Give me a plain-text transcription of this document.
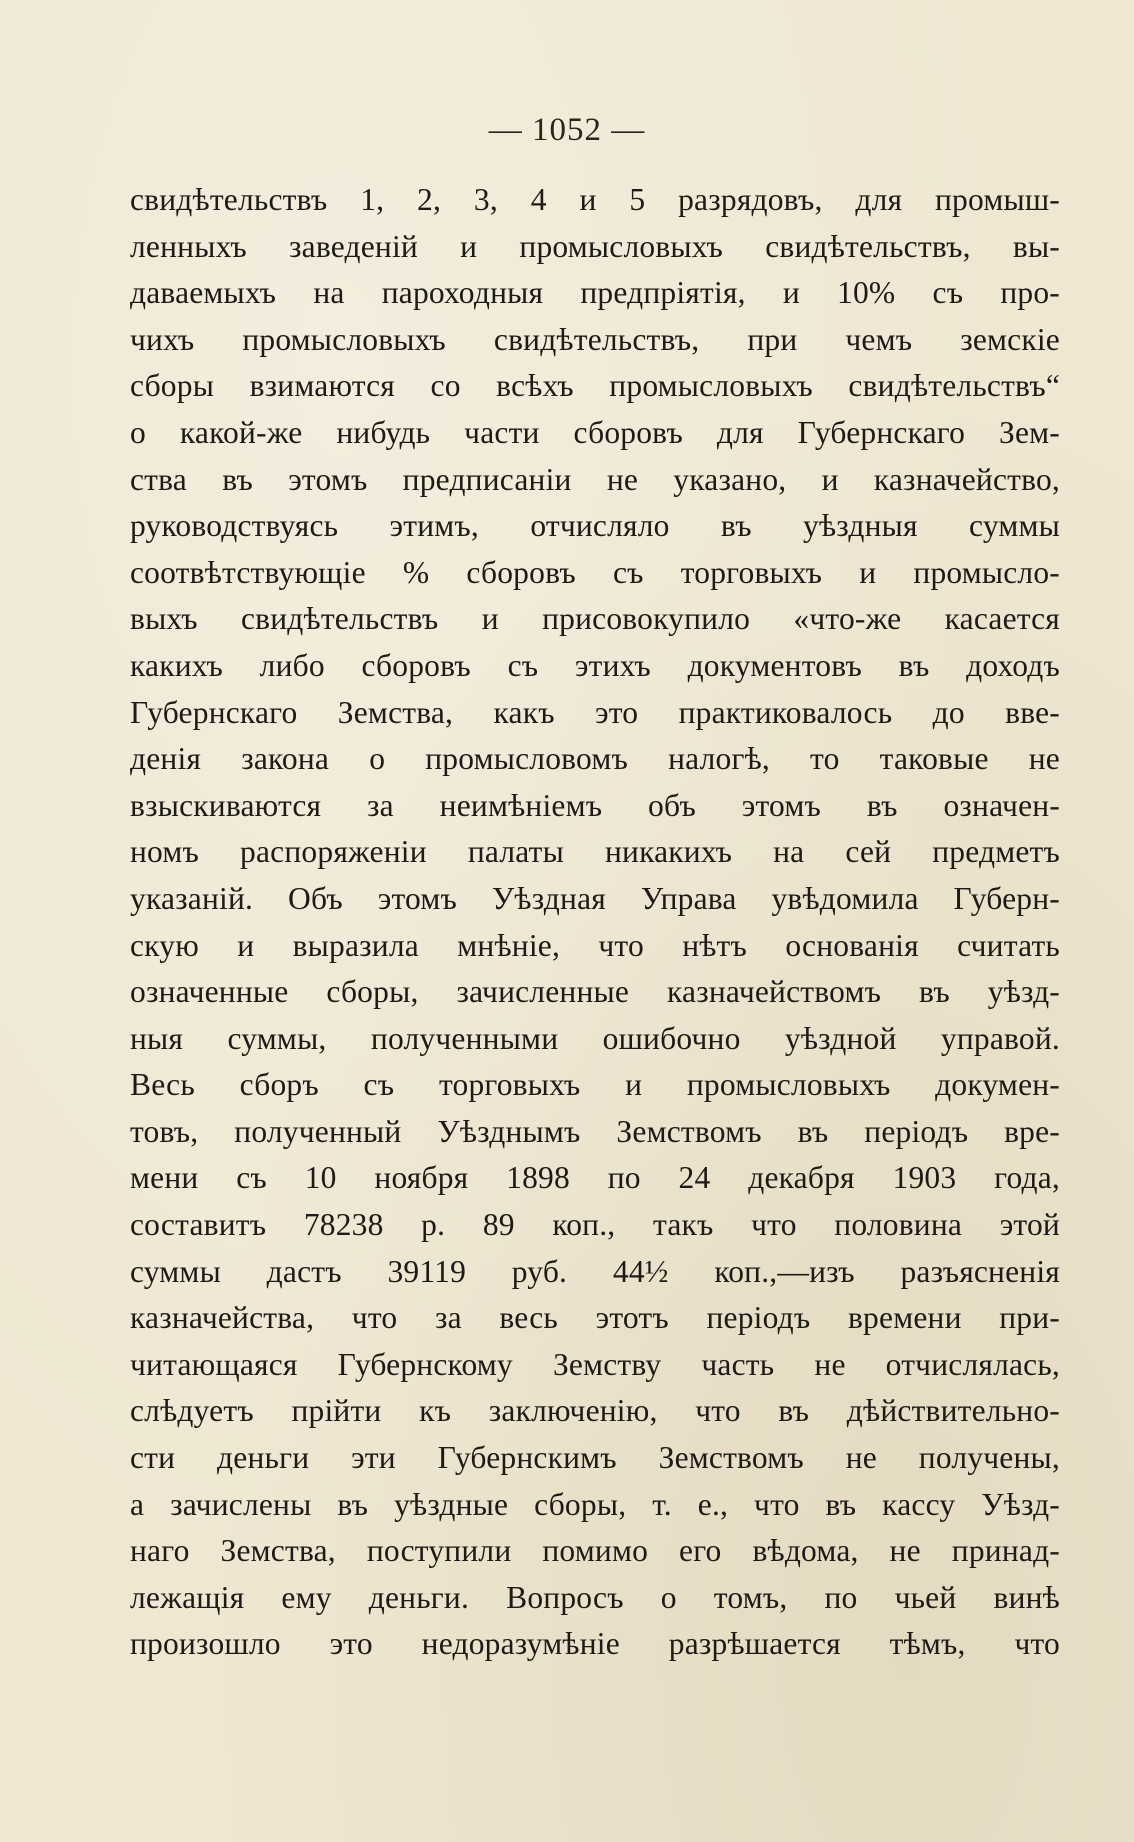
— 1052 —
свидѣтельствъ 1, 2, 3, 4 и 5 разрядовъ, для промыш-
ленныхъ заведеній и промысловыхъ свидѣтельствъ, вы-
даваемыхъ на пароходныя предпріятія, и 10% съ про-
чихъ промысловыхъ свидѣтельствъ, при чемъ земскіе
сборы взимаются со всѣхъ промысловыхъ свидѣтельствъ“
о какой-же нибудь части сборовъ для Губернскаго Зем-
ства въ этомъ предписаніи не указано, и казначейство,
руководствуясь этимъ, отчисляло въ уѣздныя суммы
соотвѣтствующіе % сборовъ съ торговыхъ и промысло-
выхъ свидѣтельствъ и присовокупило «что-же касается
какихъ либо сборовъ съ этихъ документовъ въ доходъ
Губернскаго Земства, какъ это практиковалось до вве-
денія закона о промысловомъ налогѣ, то таковые не
взыскиваются за неимѣніемъ объ этомъ въ означен-
номъ распоряженіи палаты никакихъ на сей предметъ
указаній. Объ этомъ Уѣздная Управа увѣдомила Губерн-
скую и выразила мнѣніе, что нѣтъ основанія считать
означенные сборы, зачисленные казначействомъ въ уѣзд-
ныя суммы, полученными ошибочно уѣздной управой.
Весь сборъ съ торговыхъ и промысловыхъ докумен-
товъ, полученный Уѣзднымъ Земствомъ въ періодъ вре-
мени съ 10 ноября 1898 по 24 декабря 1903 года,
составитъ 78238 р. 89 коп., такъ что половина этой
суммы дастъ 39119 руб. 44½ коп.,—изъ разъясненія
казначейства, что за весь этотъ періодъ времени при-
читающаяся Губернскому Земству часть не отчислялась,
слѣдуетъ прійти къ заключенію, что въ дѣйствительно-
сти деньги эти Губернскимъ Земствомъ не получены,
а зачислены въ уѣздные сборы, т. е., что въ кассу Уѣзд-
наго Земства, поступили помимо его вѣдома, не принад-
лежащія ему деньги. Вопросъ о томъ, по чьей винѣ
произошло это недоразумѣніе разрѣшается тѣмъ, что
